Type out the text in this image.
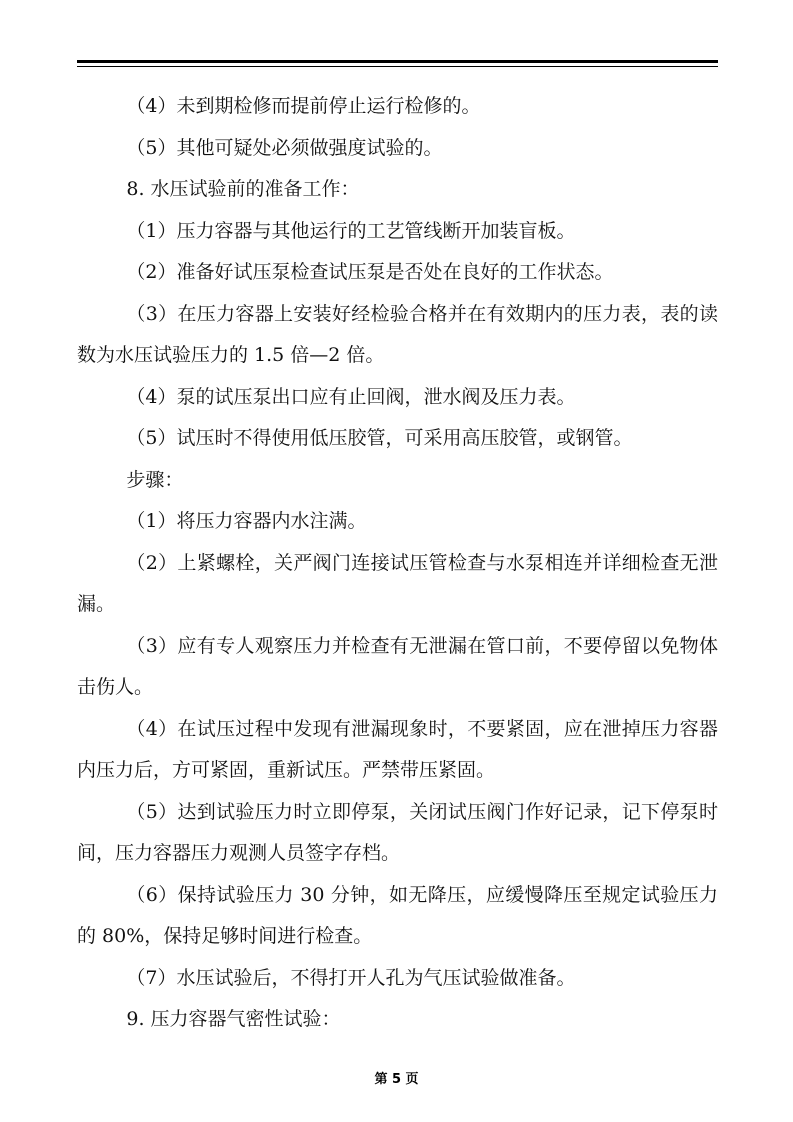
（4）未到期检修而提前停止运行检修的。

（5）其他可疑处必须做强度试验的。

8. 水压试验前的准备工作：

（1）压力容器与其他运行的工艺管线断开加装盲板。

（2）准备好试压泵检查试压泵是否处在良好的工作状态。

（3）在压力容器上安装好经检验合格并在有效期内的压力表，表的读数为水压试验压力的 1.5 倍—2 倍。

（4）泵的试压泵出口应有止回阀，泄水阀及压力表。

（5）试压时不得使用低压胶管，可采用高压胶管，或钢管。

步骤：

（1）将压力容器内水注满。

（2）上紧螺栓，关严阀门连接试压管检查与水泵相连并详细检查无泄漏。

（3）应有专人观察压力并检查有无泄漏在管口前，不要停留以免物体击伤人。

（4）在试压过程中发现有泄漏现象时，不要紧固，应在泄掉压力容器内压力后，方可紧固，重新试压。严禁带压紧固。

（5）达到试验压力时立即停泵，关闭试压阀门作好记录，记下停泵时间，压力容器压力观测人员签字存档。

（6）保持试验压力 30 分钟，如无降压，应缓慢降压至规定试验压力的 80%，保持足够时间进行检查。

（7）水压试验后，不得打开人孔为气压试验做准备。

9. 压力容器气密性试验：

第 5 页
